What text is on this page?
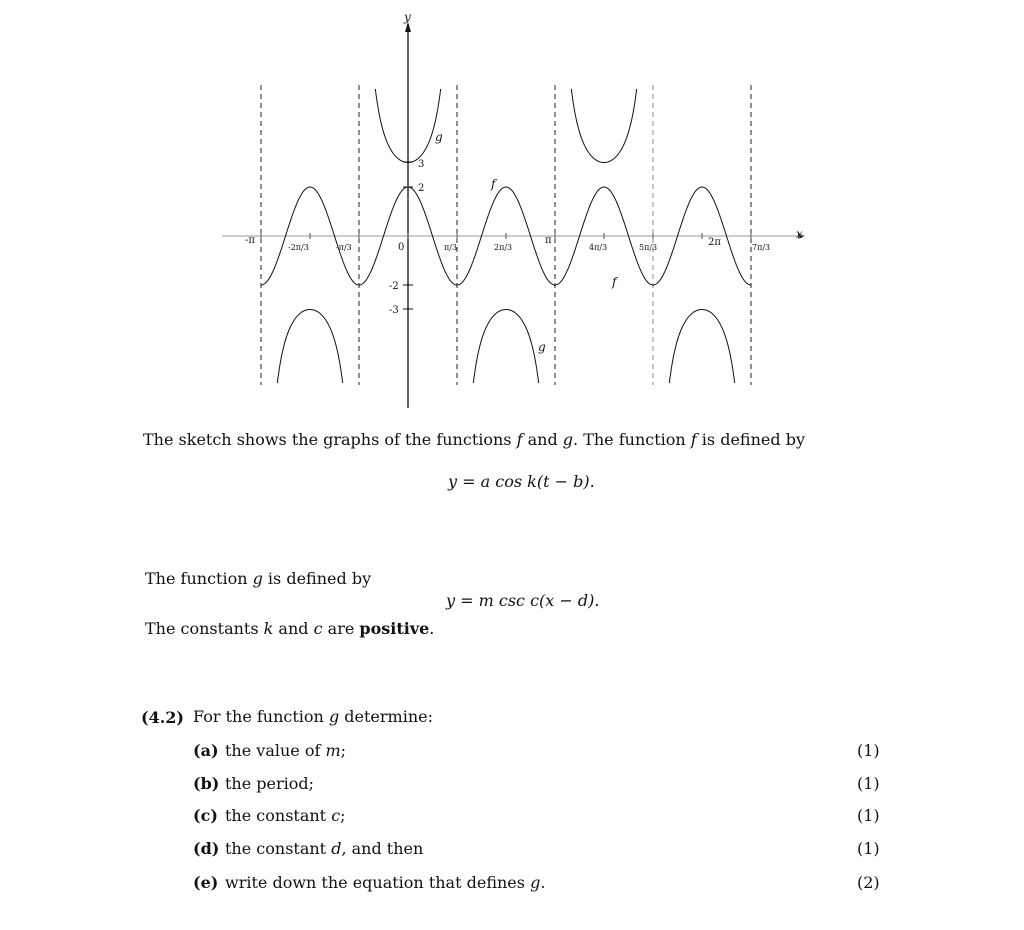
x
y
2
3
-2
-3
-π
-2π/3	-π/3	0	π/3	2π/3
π
4π/3	5π/3	2π	7π/3
g
f
f
g
The sketch shows the graphs of the functions f and g. The function f is defined by
y = a cos k(t − b).
The function g is defined by
y = m csc c(x − d).
The constants k and c are positive.
(4.2) For the function g determine:
(a) the value of m;	(1)
(b) the period;	(1)
(c) the constant c;	(1)
(d) the constant d, and then	(1)
(e) write down the equation that defines g.	(2)
